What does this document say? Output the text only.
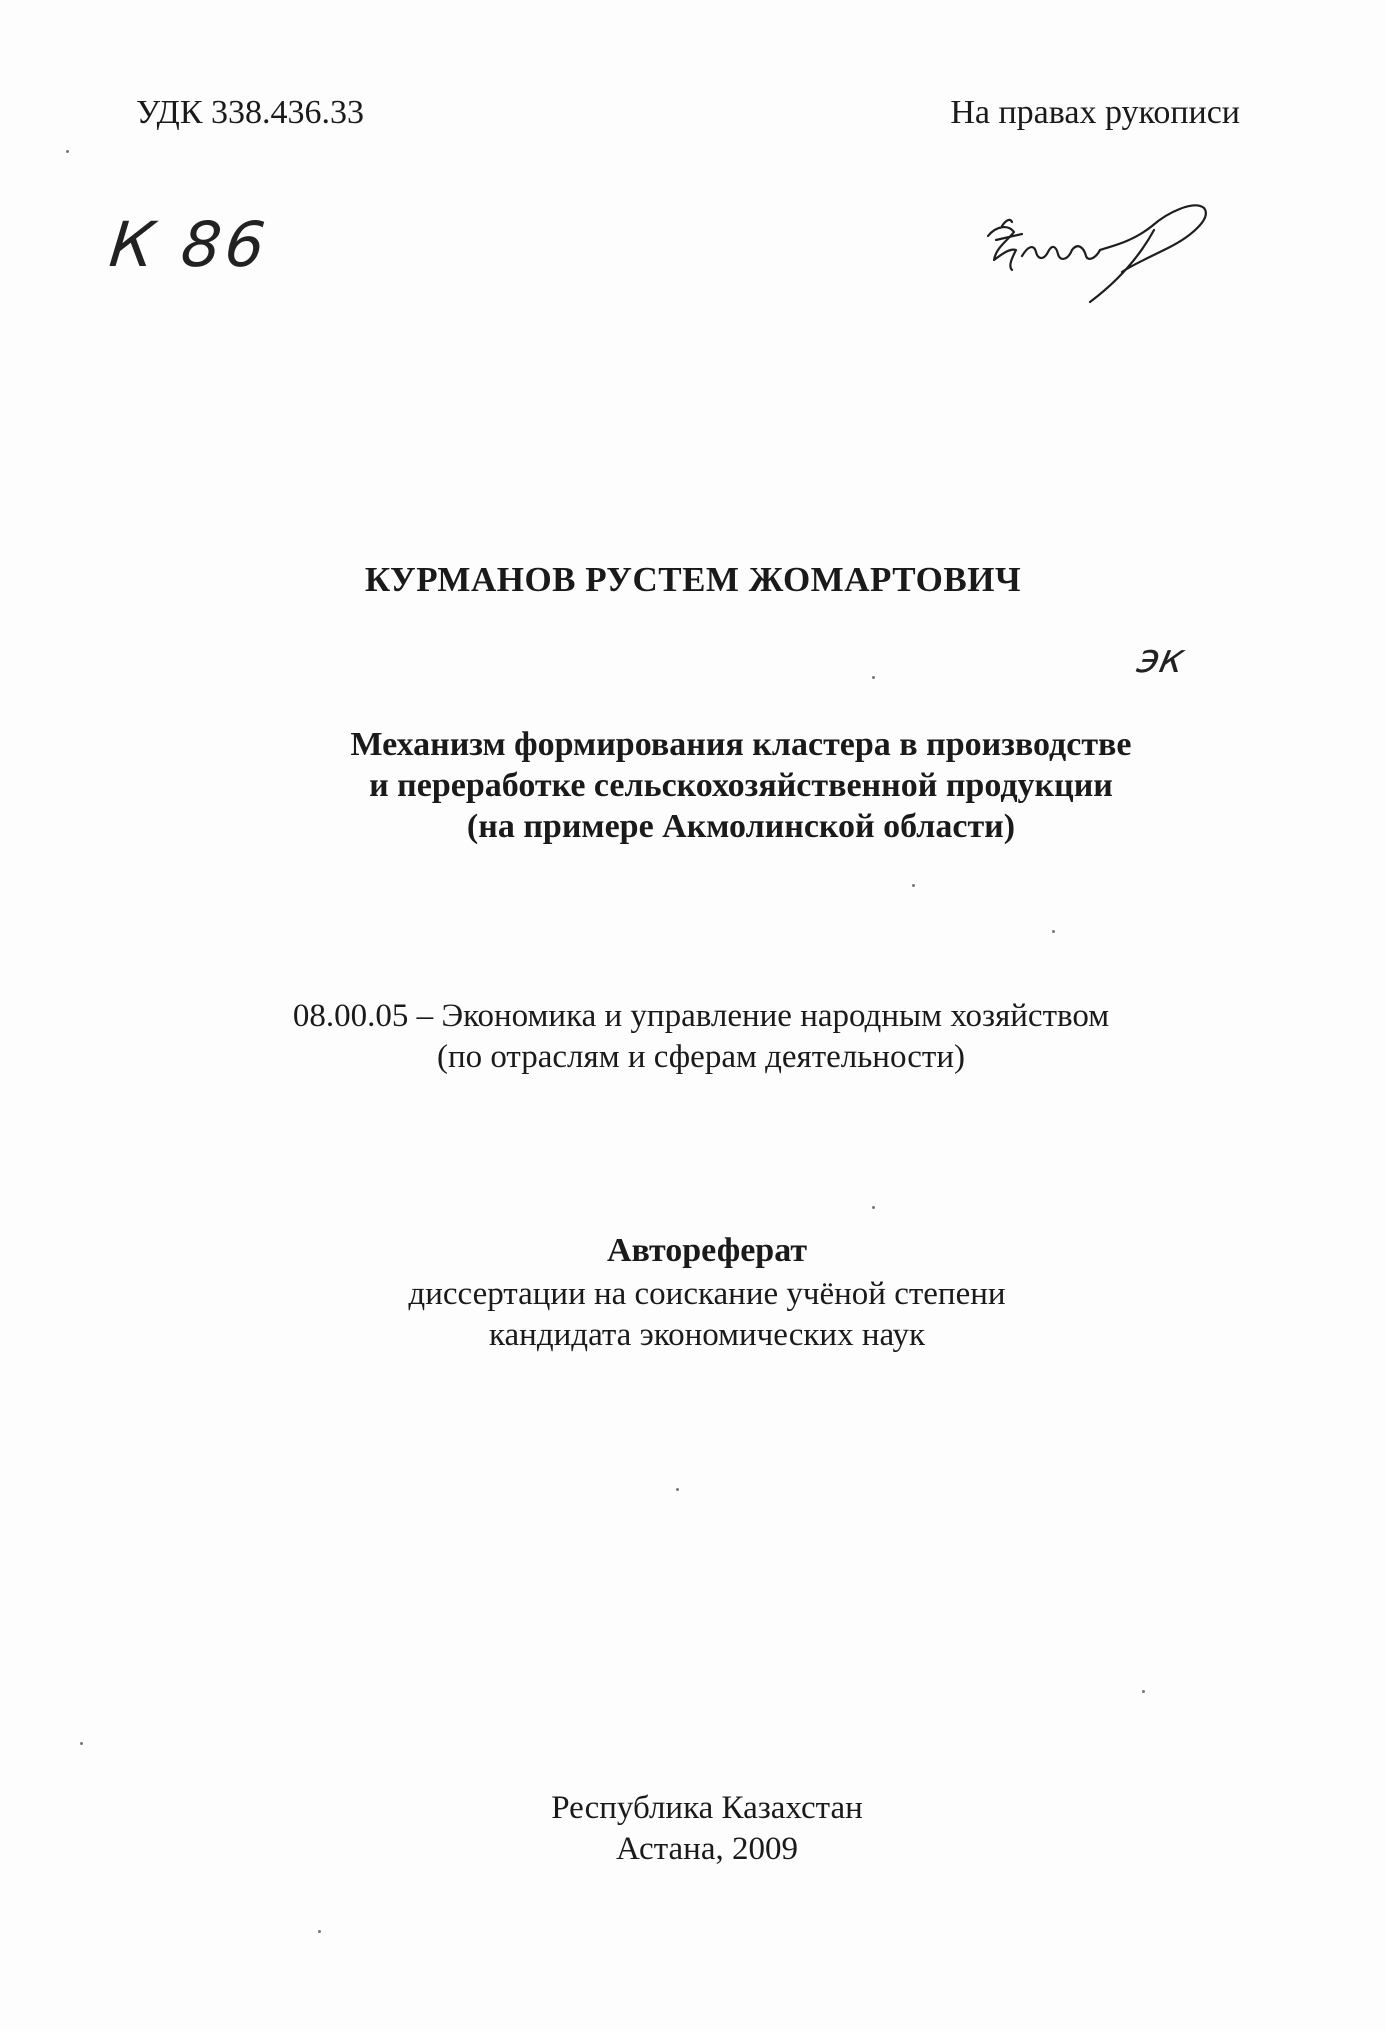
УДК 338.436.33	На правах рукописи
К 86
КУРМАНОВ РУСТЕМ ЖОМАРТОВИЧ
эк
Механизм формирования кластера в производстве
и переработке сельскохозяйственной продукции
(на примере Акмолинской области)
08.00.05 – Экономика и управление народным хозяйством
(по отраслям и сферам деятельности)
Автореферат
диссертации на соискание учёной степени
кандидата экономических наук
Республика Казахстан
Астана, 2009
